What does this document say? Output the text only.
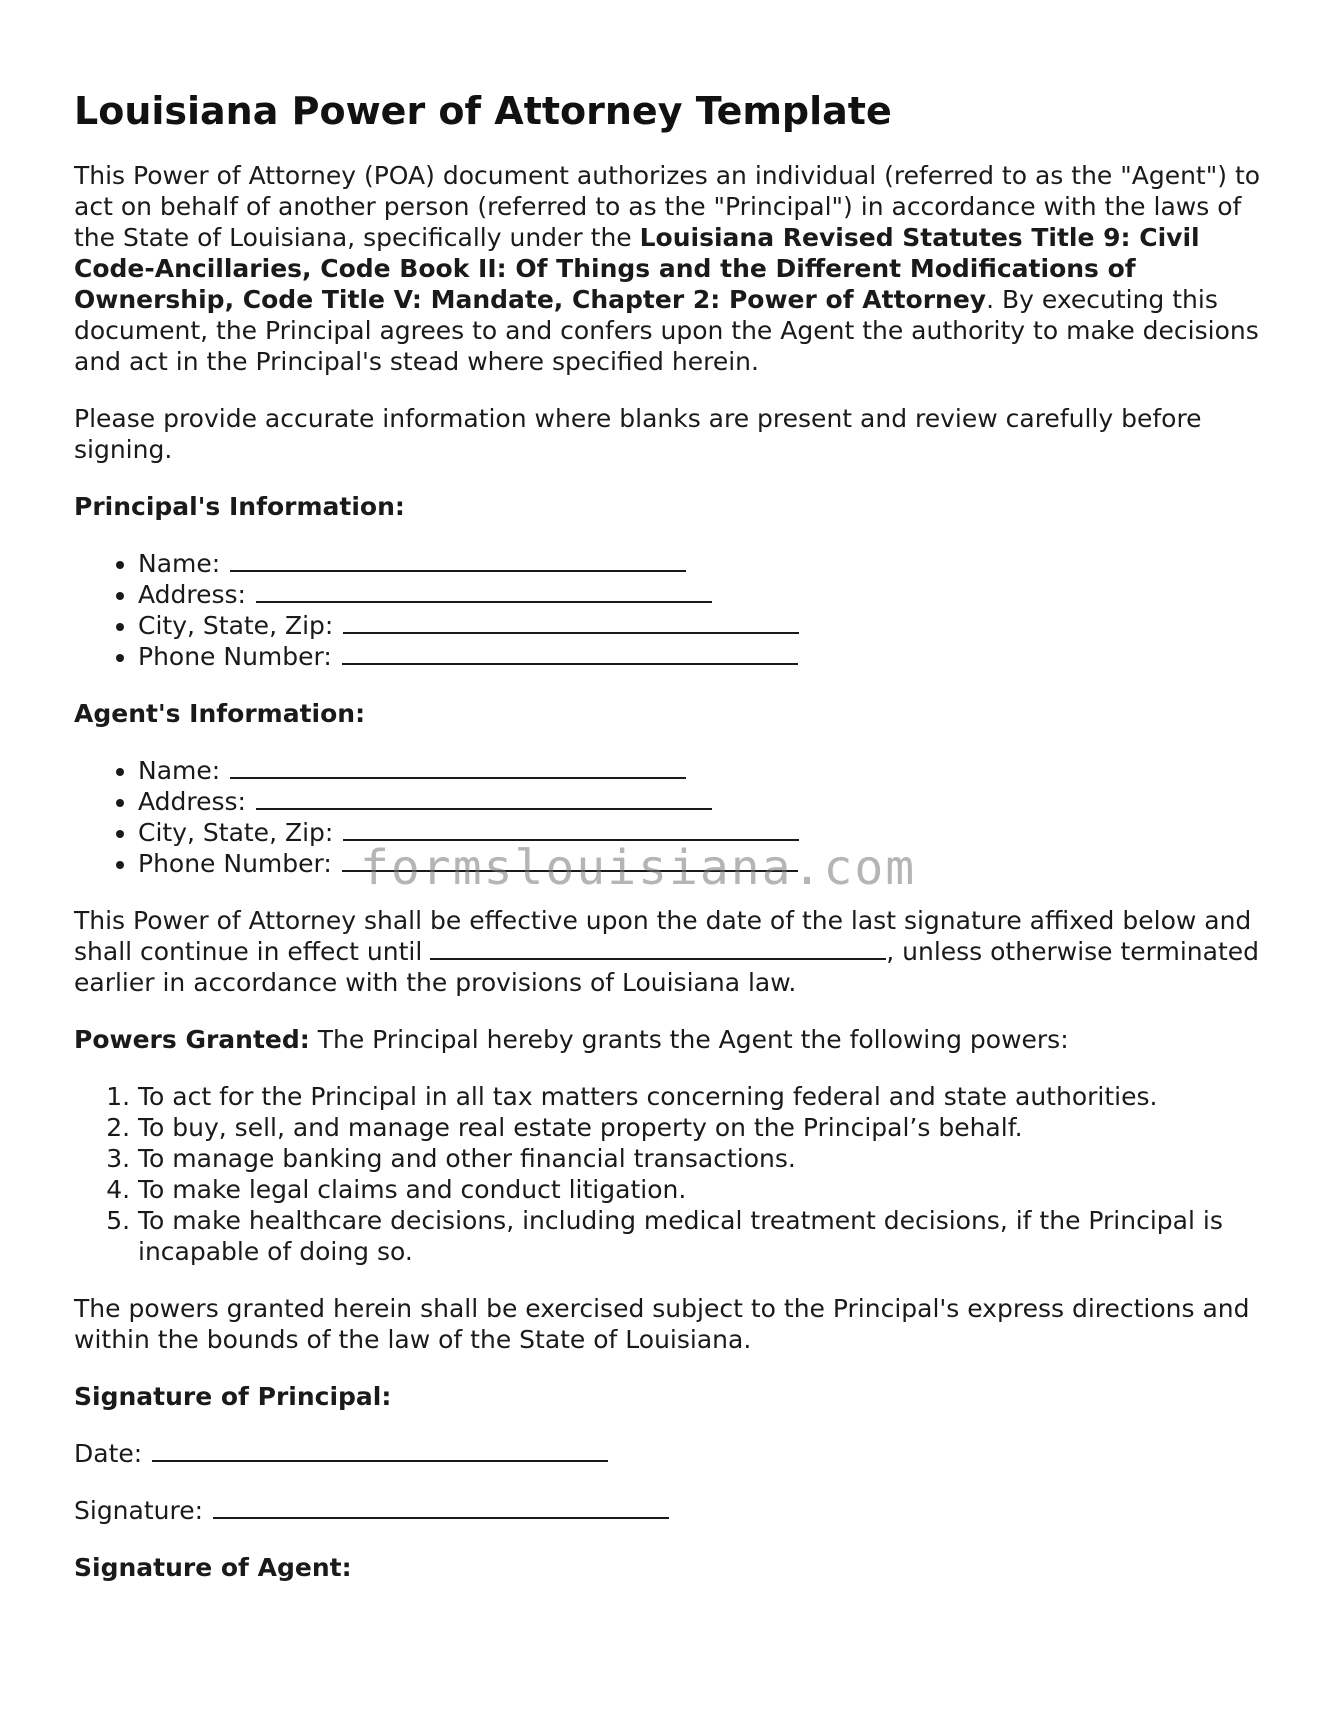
Louisiana Power of Attorney Template

This Power of Attorney (POA) document authorizes an individual (referred to as the "Agent") to act on behalf of another person (referred to as the "Principal") in accordance with the laws of the State of Louisiana, specifically under the Louisiana Revised Statutes Title 9: Civil Code-Ancillaries, Code Book II: Of Things and the Different Modifications of Ownership, Code Title V: Mandate, Chapter 2: Power of Attorney. By executing this document, the Principal agrees to and confers upon the Agent the authority to make decisions and act in the Principal's stead where specified herein.

Please provide accurate information where blanks are present and review carefully before signing.

Principal's Information:
• Name:
• Address:
• City, State, Zip:
• Phone Number:
Agent's Information:
• Name:
• Address:
• City, State, Zip:
• Phone Number:

This Power of Attorney shall be effective upon the date of the last signature affixed below and shall continue in effect until	, unless otherwise terminated earlier in accordance with the provisions of Louisiana law.

Powers Granted: The Principal hereby grants the Agent the following powers:

1. To act for the Principal in all tax matters concerning federal and state authorities.
2. To buy, sell, and manage real estate property on the Principal’s behalf.
3. To manage banking and other financial transactions.
4. To make legal claims and conduct litigation.
5. To make healthcare decisions, including medical treatment decisions, if the Principal is incapable of doing so.

The powers granted herein shall be exercised subject to the Principal's express directions and within the bounds of the law of the State of Louisiana.

Signature of Principal:

Date:

Signature:

Signature of Agent:
formslouisiana.com
